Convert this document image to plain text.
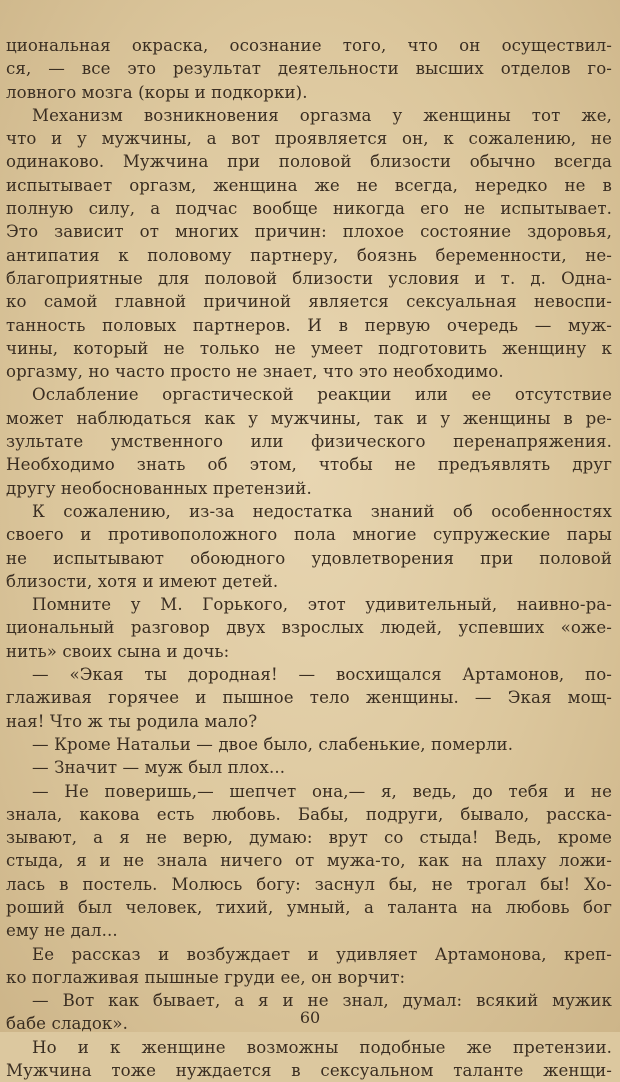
циональная окраска, осознание того, что он осуществил-
ся, — все это результат деятельности высших отделов го-
ловного мозга (коры и подкорки).
Механизм возникновения оргазма у женщины тот же,
что и у мужчины, а вот проявляется он, к сожалению, не
одинаково. Мужчина при половой близости обычно всегда
испытывает оргазм, женщина же не всегда, нередко не в
полную силу, а подчас вообще никогда его не испытывает.
Это зависит от многих причин: плохое состояние здоровья,
антипатия к половому партнеру, боязнь беременности, не-
благоприятные для половой близости условия и т. д. Одна-
ко самой главной причиной является сексуальная невоспи-
танность половых партнеров. И в первую очередь — муж-
чины, который не только не умеет подготовить женщину к
оргазму, но часто просто не знает, что это необходимо.
Ослабление оргастической реакции или ее отсутствие
может наблюдаться как у мужчины, так и у женщины в ре-
зультате умственного или физического перенапряжения.
Необходимо знать об этом, чтобы не предъявлять друг
другу необоснованных претензий.
К сожалению, из-за недостатка знаний об особенностях
своего и противоположного пола многие супружеские пары
не испытывают обоюдного удовлетворения при половой
близости, хотя и имеют детей.
Помните у М. Горького, этот удивительный, наивно-ра-
циональный разговор двух взрослых людей, успевших «оже-
нить» своих сына и дочь:
— «Экая ты дородная! — восхищался Артамонов, по-
глаживая горячее и пышное тело женщины. — Экая мощ-
ная! Что ж ты родила мало?
— Кроме Натальи — двое было, слабенькие, померли.
— Значит — муж был плох...
— Не поверишь,— шепчет она,— я, ведь, до тебя и не
знала, какова есть любовь. Бабы, подруги, бывало, расска-
зывают, а я не верю, думаю: врут со стыда! Ведь, кроме
стыда, я и не знала ничего от мужа-то, как на плаху ложи-
лась в постель. Молюсь богу: заснул бы, не трогал бы! Хо-
роший был человек, тихий, умный, а таланта на любовь бог
ему не дал...
Ее рассказ и возбуждает и удивляет Артамонова, креп-
ко поглаживая пышные груди ее, он ворчит:
— Вот как бывает, а я и не знал, думал: всякий мужик
бабе сладок».
Но и к женщине возможны подобные же претензии.
Мужчина тоже нуждается в сексуальном таланте женщи-
60
